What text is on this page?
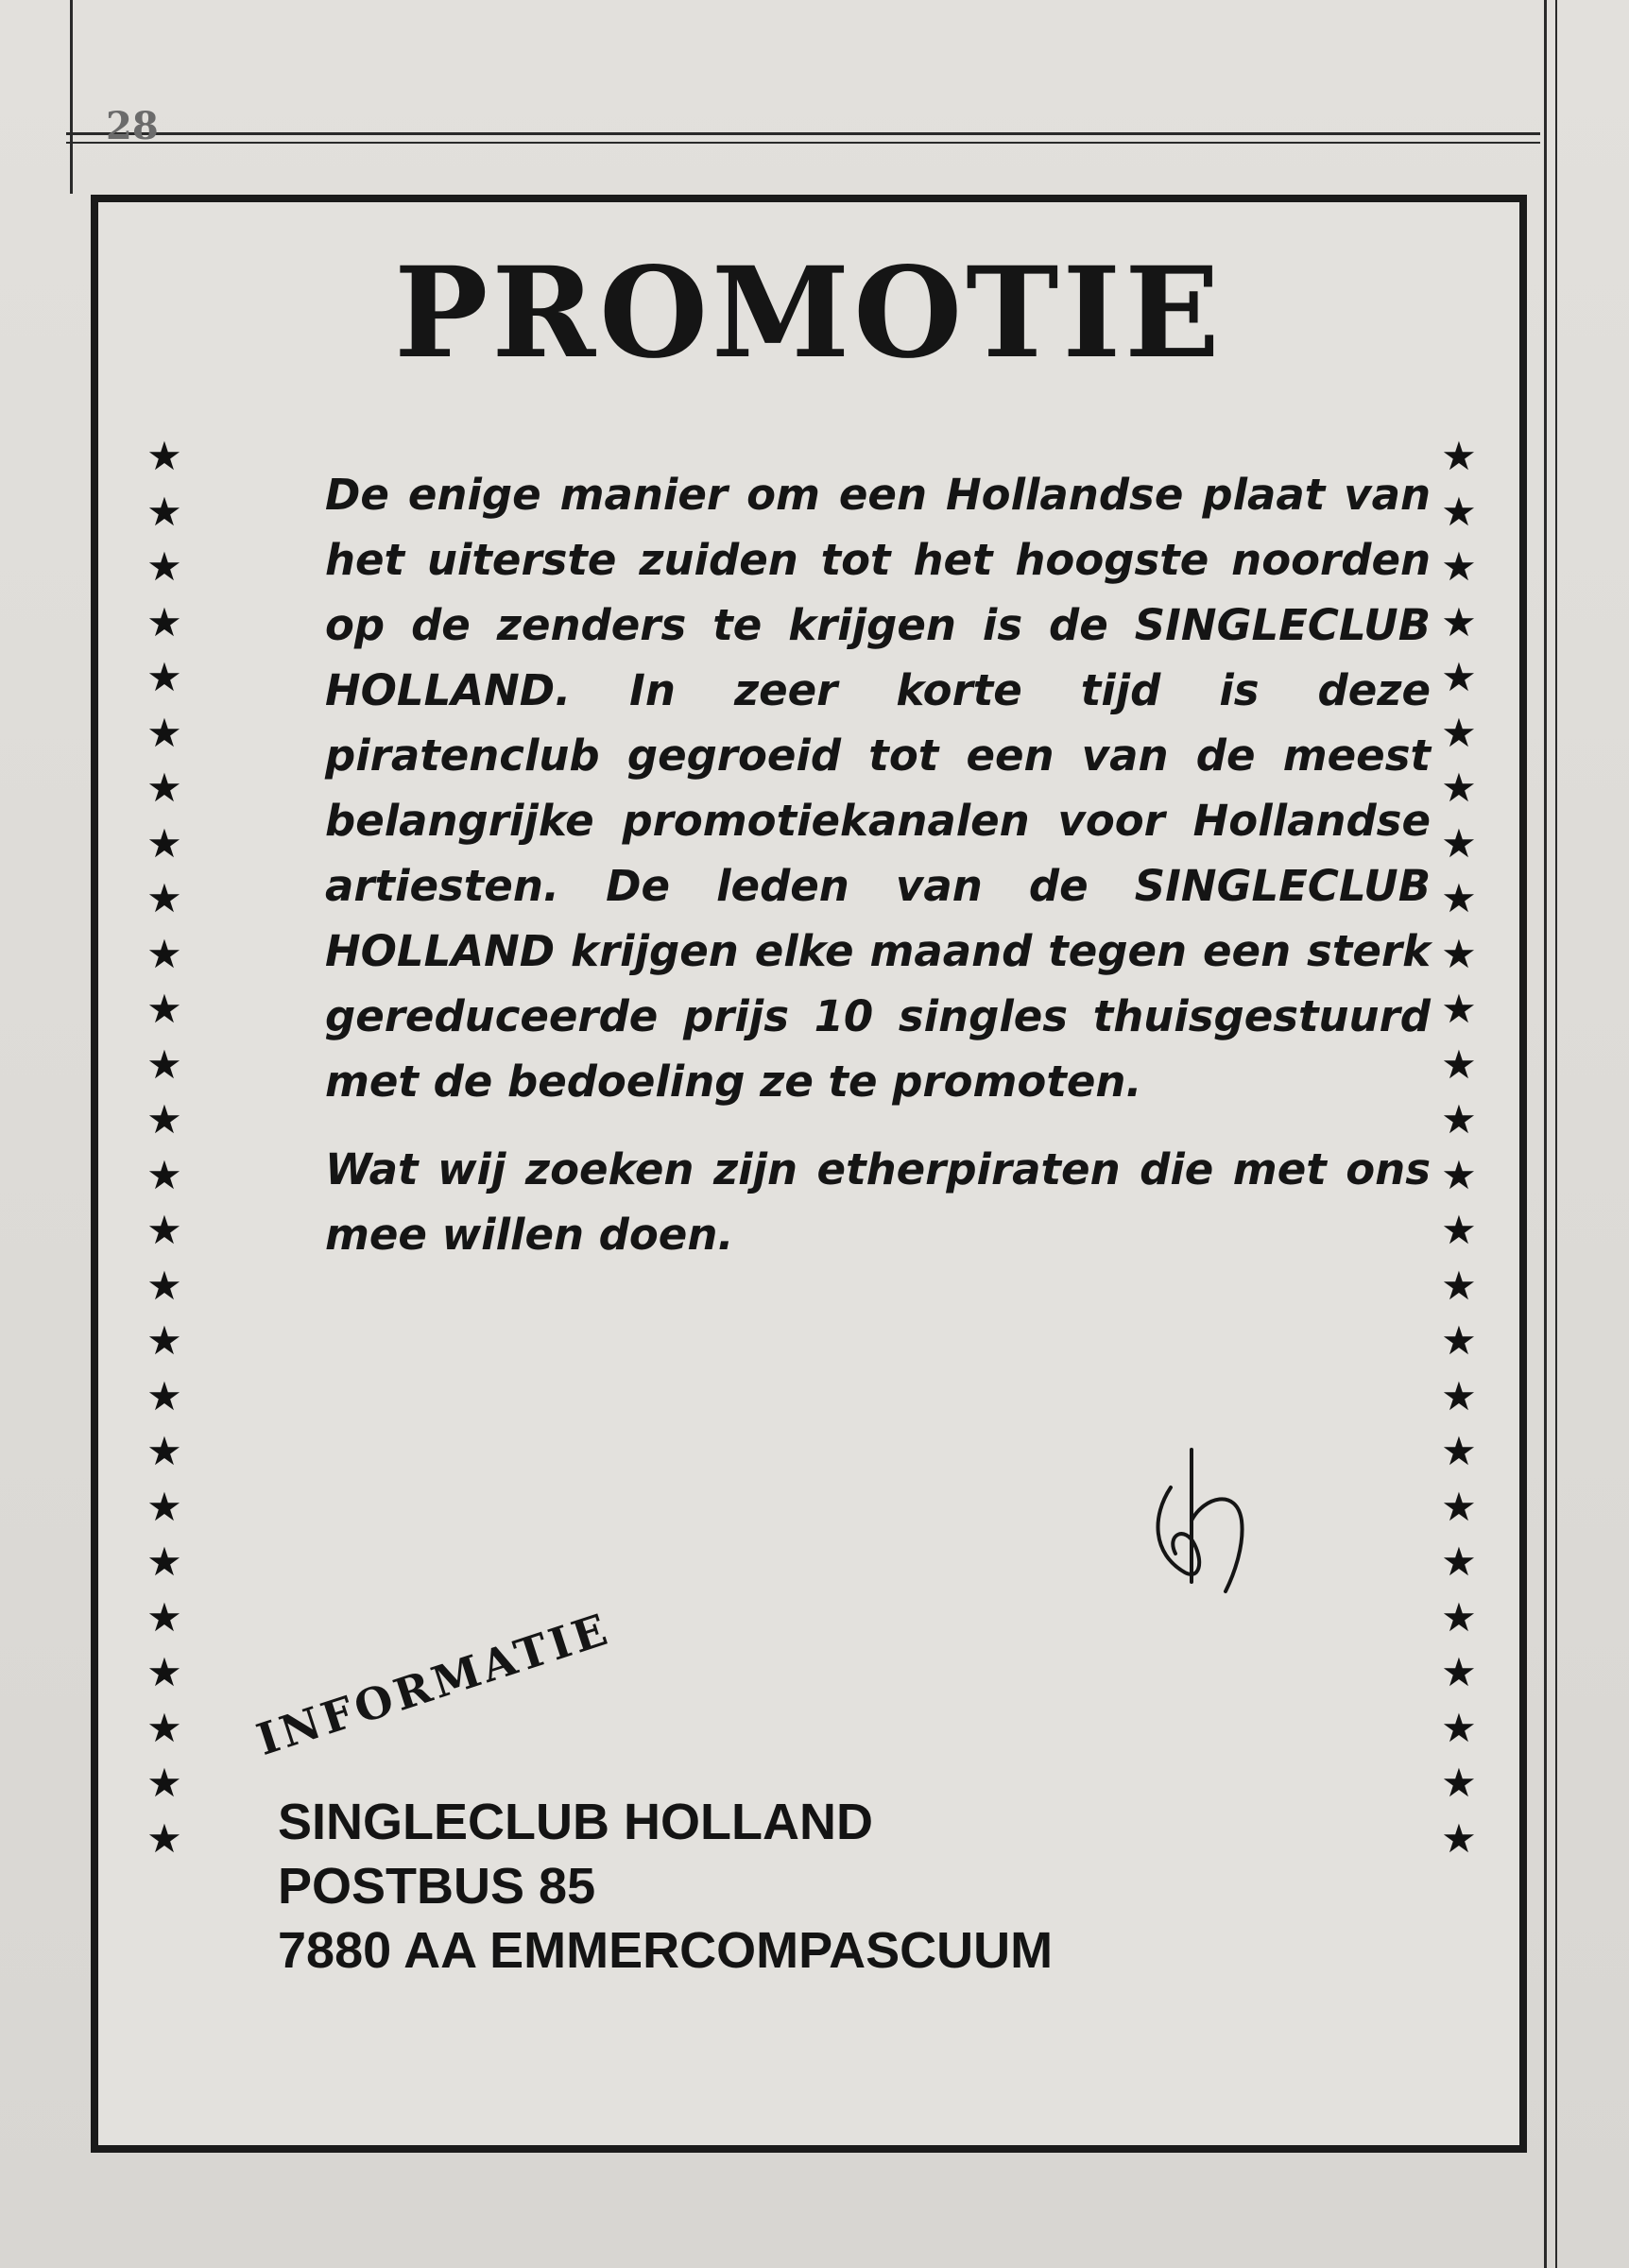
28

PROMOTIE
★
★
★
★
★
★
★
★
★
★
★
★
★
★
★
★
★
★
★
★
★
★
★
★
★
★
★
★
★
★
★
★
★
★
★
★
★
★
★
★
★
★
★
★
★
★
★
★
★
★
★
★

De enige manier om een Hollandse plaat van het uiterste zuiden tot het hoogste noorden op de zenders te krijgen is de SINGLECLUB HOLLAND. In zeer korte tijd is deze piratenclub gegroeid tot een van de meest belangrijke promotiekanalen voor Hollandse artiesten. De leden van de SINGLECLUB HOLLAND krijgen elke maand tegen een sterk gereduceerde prijs 10 singles thuisgestuurd met de bedoeling ze te promoten.

Wat wij zoeken zijn etherpiraten die met ons mee willen doen.

INFORMATIE
SINGLECLUB HOLLAND
POSTBUS 85
7880 AA EMMERCOMPASCUUM
